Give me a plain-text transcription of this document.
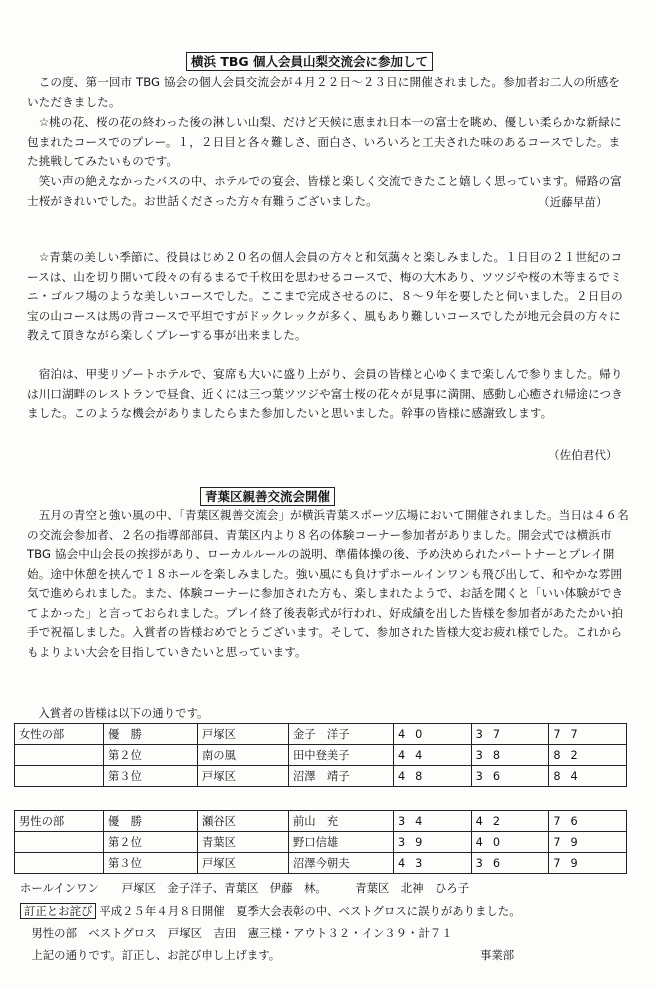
横浜 TBG 個人会員山梨交流会に参加して

　この度、第一回市 TBG 協会の個人会員交流会が４月２２日～２３日に開催されました。参加者お二人の所感をいただきました。

　☆桃の花、桜の花の終わった後の淋しい山梨、だけど天候に恵まれ日本一の富士を眺め、優しい柔らかな新緑に包まれたコースでのプレー。１，２日目と各々難しさ、面白さ、いろいろと工夫された味のあるコースでした。また挑戦してみたいものです。

　笑い声の絶えなかったバスの中、ホテルでの宴会、皆様と楽しく交流できたこと嬉しく思っています。帰路の富士桜がきれいでした。お世話くださった方々有難うございました。	（近藤早苗）

　☆青葉の美しい季節に、役員はじめ２０名の個人会員の方々と和気藹々と楽しみました。１日目の２１世紀のコースは、山を切り開いて段々の有るまるで千枚田を思わせるコースで、梅の大木あり、ツツジや桜の木等まるでミニ・ゴルフ場のような美しいコースでした。ここまで完成させるのに、８～９年を要したと伺いました。２日目の宝の山コースは馬の背コースで平坦ですがドックレックが多く、風もあり難しいコースでしたが地元会員の方々に教えて頂きながら楽しくプレーする事が出来ました。

　宿泊は、甲斐リゾートホテルで、宴席も大いに盛り上がり、会員の皆様と心ゆくまで楽しんで参りました。帰りは川口湖畔のレストランで昼食、近くには三つ葉ツツジや富士桜の花々が見事に満開、感動し心癒され帰途につきました。このような機会がありましたらまた参加したいと思いました。幹事の皆様に感謝致します。

（佐伯君代）
青葉区親善交流会開催

　五月の青空と強い風の中、「青葉区親善交流会」が横浜青葉スポーツ広場において開催されました。当日は４６名の交流会参加者、２名の指導部部員、青葉区内より８名の体験コーナー参加者がありました。開会式では横浜市 TBG 協会中山会長の挨拶があり、ローカルルールの説明、準備体操の後、予め決められたパートナーとプレイ開始。途中休憩を挟んで１８ホールを楽しみました。強い風にも負けずホールインワンも飛び出して、和やかな雰囲気で進められました。また、体験コーナーに参加された方も、楽しまれたようで、お話を聞くと「いい体験ができてよかった」と言っておられました。プレイ終了後表彰式が行われ、好成績を出した皆様を参加者があたたかい拍手で祝福しました。入賞者の皆様おめでとうございます。そして、参加された皆様大変お疲れ様でした。これからもよりよい大会を目指していきたいと思っています。

　入賞者の皆様は以下の通りです。
女性の部	優　勝	戸塚区	金子　洋子	40	37	77
	第２位	南の風	田中登美子	44	38	82
	第３位	戸塚区	沼澤　靖子	48	36	84
男性の部	優　勝	瀬谷区	前山　充	34	42	76
	第２位	青葉区	野口信雄	39	40	79
	第３位	戸塚区	沼澤今朝夫	43	36	79
ホールインワン　　戸塚区　金子洋子、青葉区　伊藤　林。　　　青葉区　北神　ひろ子
訂正とお詫び 平成２５年４月８日開催　夏季大会表彰の中、ベストグロスに誤りがありました。
　男性の部　ベストグロス　戸塚区　吉田　憲三様・アウト３２・イン３９・計７１
　上記の通りです。訂正し、お詫び申し上げます。	事業部
